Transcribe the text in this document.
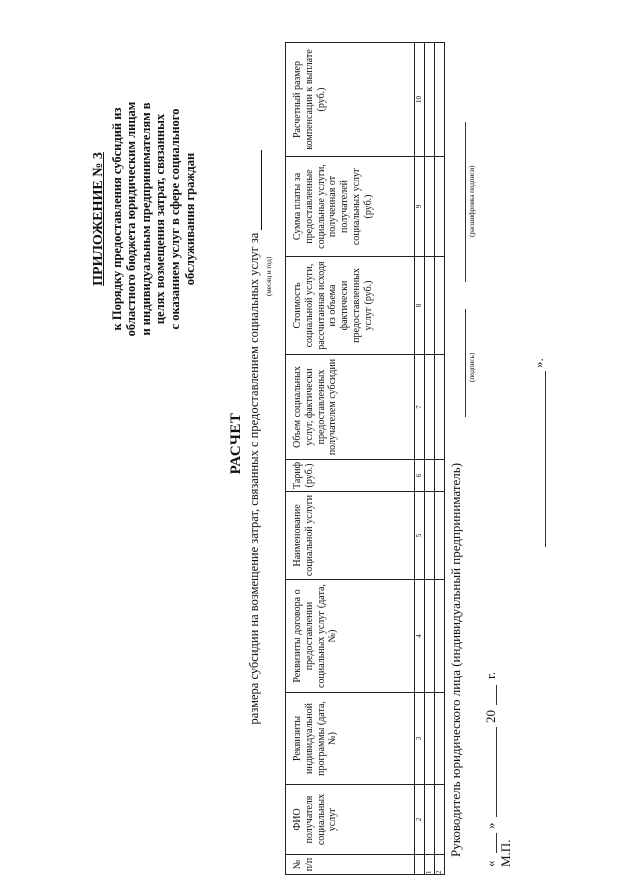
ПРИЛОЖЕНИЕ № 3 к Порядку предоставления субсидий из областного бюджета юридическим лицам и индивидуальным предпринимателям в целях возмещения затрат, связанных с оказанием услуг в сфере социального обслуживания граждан
РАСЧЕТ размера субсидии на возмещение затрат, связанных с предоставлением социальных услуг за (месяц и год)
№ п/п	ФИО получателя социальных услуг	Реквизиты индивидуальной программы (дата, №)	Реквизиты договора о предоставлении социальных услуг (дата, №)	Наименование социальной услуги	Тариф (руб.)	Объем социальных услуг, фактически предоставленных получателем субсидии	Стоимость социальной услуги, рассчитанная исходя из объема фактически предоставленных услуг (руб.)	Сумма платы за предоставленные социальные услуги, полученная от получателей социальных услуг (руб.)	Расчетный размер компенсации к выплате (руб.)
	2	3	4	5	6	7	8	9	10
1									
2									
Руководитель юридического лица (индивидуальный предприниматель)
(подпись)
(расшифровка подписи)
«
»
20
г.
М.П.
».
